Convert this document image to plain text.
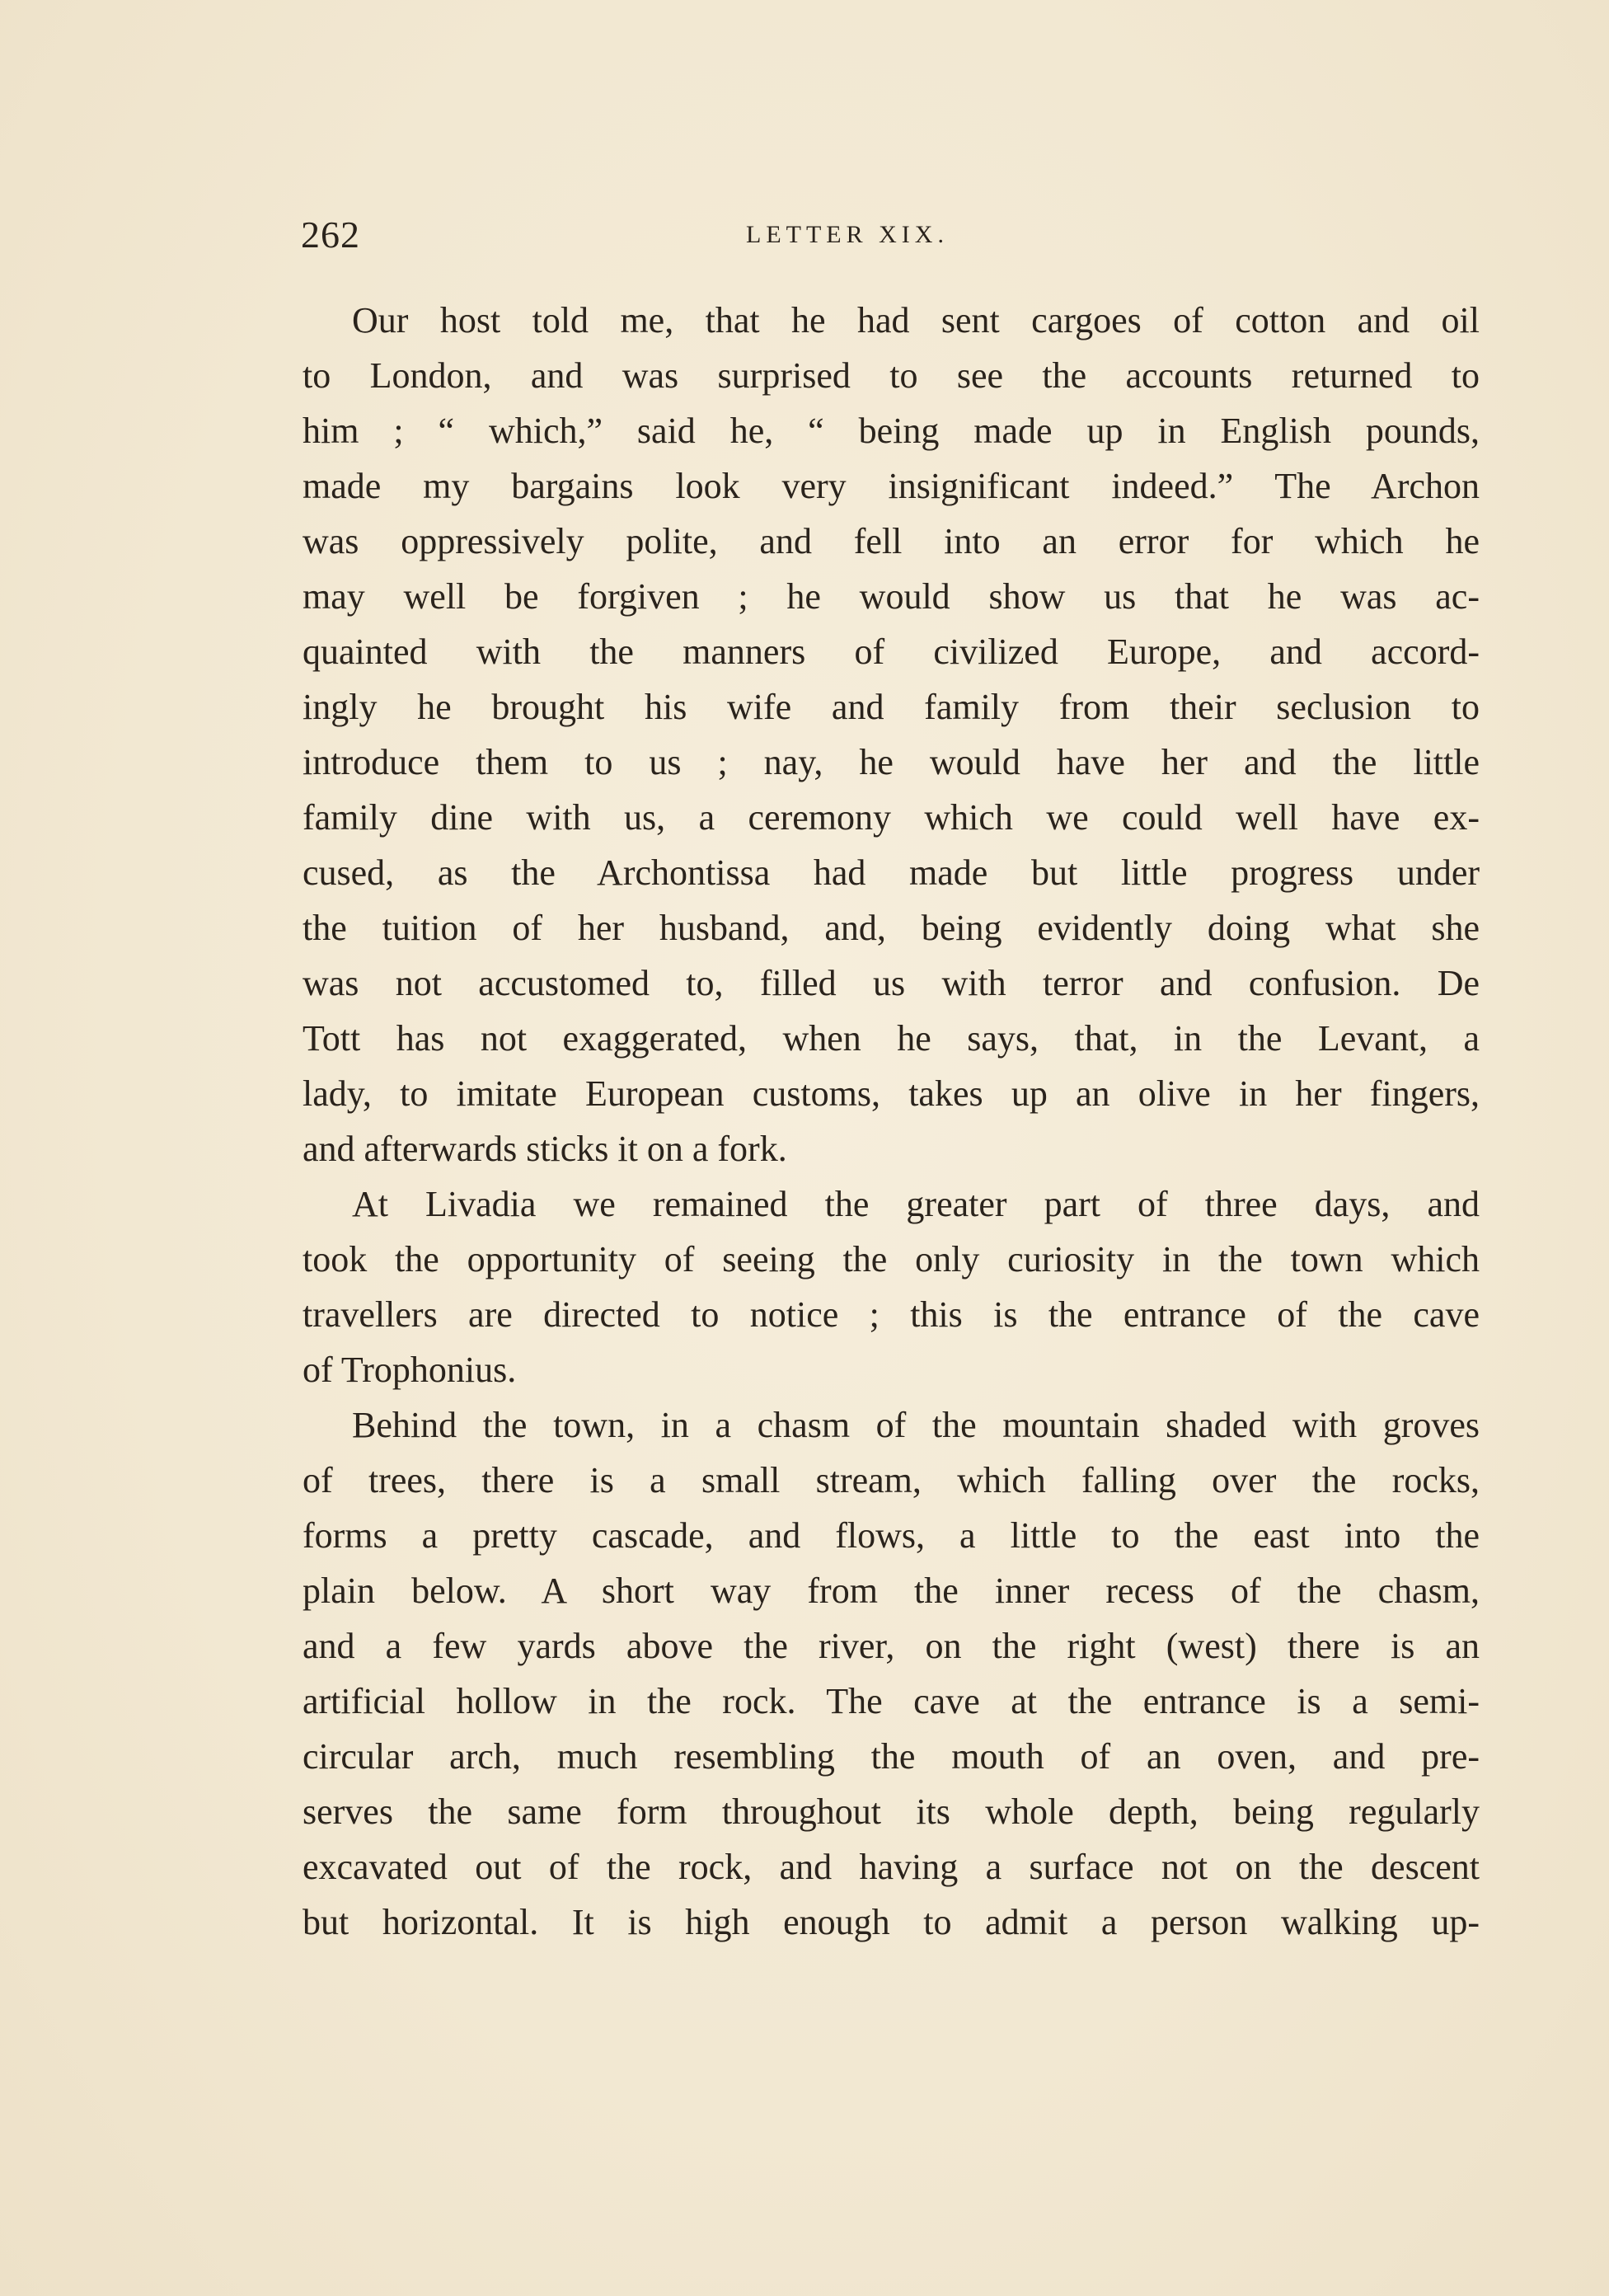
262	LETTER XIX.
Our host told me, that he had sent cargoes of cotton and oil
to London, and was surprised to see the accounts returned to
him ; “ which,” said he, “ being made up in English pounds,
made my bargains look very insignificant indeed.” The Archon
was oppressively polite, and fell into an error for which he
may well be forgiven ; he would show us that he was ac-
quainted with the manners of civilized Europe, and accord-
ingly he brought his wife and family from their seclusion to
introduce them to us ; nay, he would have her and the little
family dine with us, a ceremony which we could well have ex-
cused, as the Archontissa had made but little progress under
the tuition of her husband, and, being evidently doing what she
was not accustomed to, filled us with terror and confusion. De
Tott has not exaggerated, when he says, that, in the Levant, a
lady, to imitate European customs, takes up an olive in her fingers,
and afterwards sticks it on a fork.
At Livadia we remained the greater part of three days, and
took the opportunity of seeing the only curiosity in the town which
travellers are directed to notice ; this is the entrance of the cave
of Trophonius.
Behind the town, in a chasm of the mountain shaded with groves
of trees, there is a small stream, which falling over the rocks,
forms a pretty cascade, and flows, a little to the east into the
plain below. A short way from the inner recess of the chasm,
and a few yards above the river, on the right (west) there is an
artificial hollow in the rock. The cave at the entrance is a semi-
circular arch, much resembling the mouth of an oven, and pre-
serves the same form throughout its whole depth, being regularly
excavated out of the rock, and having a surface not on the descent
but horizontal. It is high enough to admit a person walking up-
